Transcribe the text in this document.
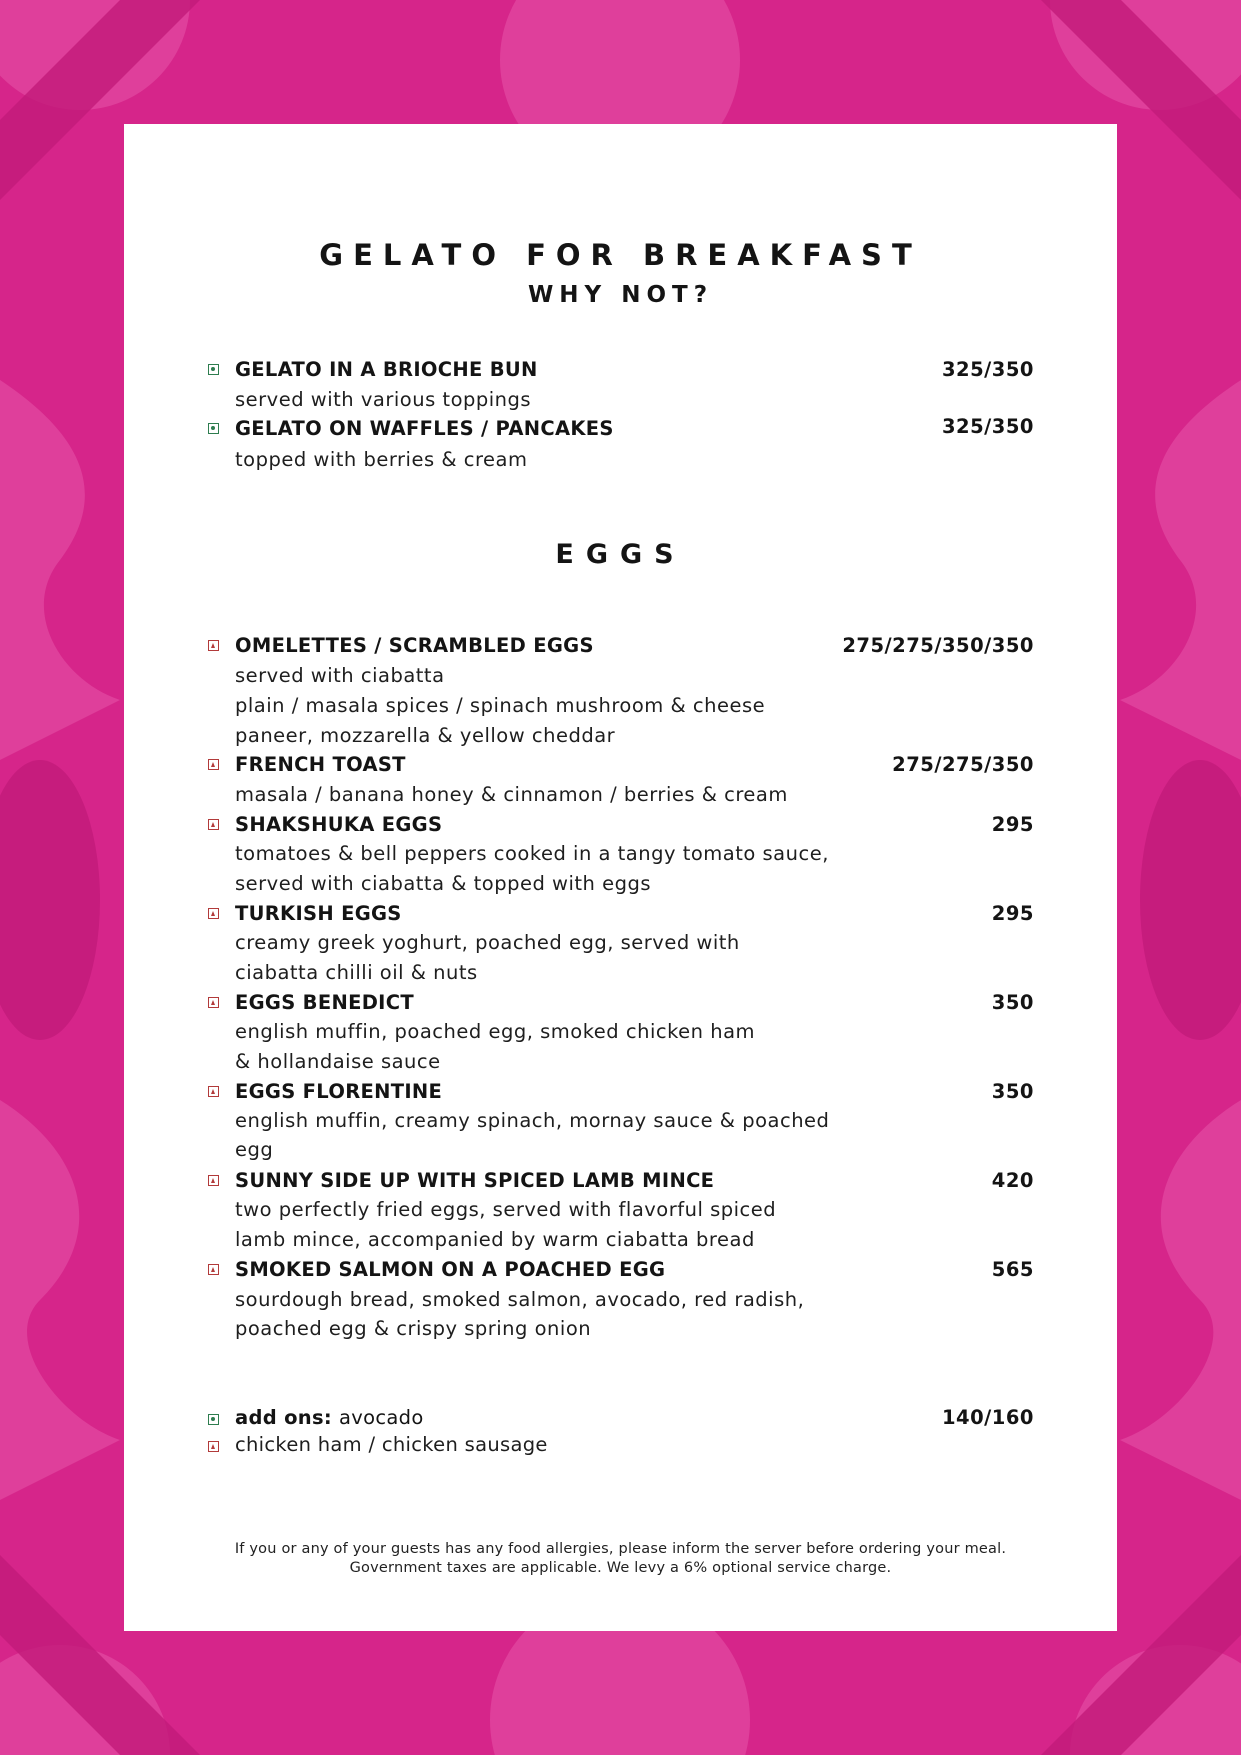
GELATO FOR BREAKFAST
WHY NOT?
GELATO IN A BRIOCHE BUN	325/350

served with various toppings

GELATO ON WAFFLES / PANCAKES	325/350

topped with berries & cream

EGGS
OMELETTES / SCRAMBLED EGGS	275/275/350/350

served with ciabatta

plain / masala spices / spinach mushroom & cheese

paneer, mozzarella & yellow cheddar

FRENCH TOAST	275/275/350

masala / banana honey & cinnamon / berries & cream

SHAKSHUKA EGGS	295

tomatoes & bell peppers cooked in a tangy tomato sauce,

served with ciabatta & topped with eggs

TURKISH EGGS	295

creamy greek yoghurt, poached egg, served with

ciabatta chilli oil & nuts

EGGS BENEDICT	350

english muffin, poached egg, smoked chicken ham

& hollandaise sauce

EGGS FLORENTINE	350

english muffin, creamy spinach, mornay sauce & poached

egg

SUNNY SIDE UP WITH SPICED LAMB MINCE	420

two perfectly fried eggs, served with flavorful spiced

lamb mince, accompanied by warm ciabatta bread

SMOKED SALMON ON A POACHED EGG	565

sourdough bread, smoked salmon, avocado, red radish,

poached egg & crispy spring onion

add ons: avocado	140/160
chicken ham / chicken sausage

If you or any of your guests has any food allergies, please inform the server before ordering your meal.

Government taxes are applicable. We levy a 6% optional service charge.
